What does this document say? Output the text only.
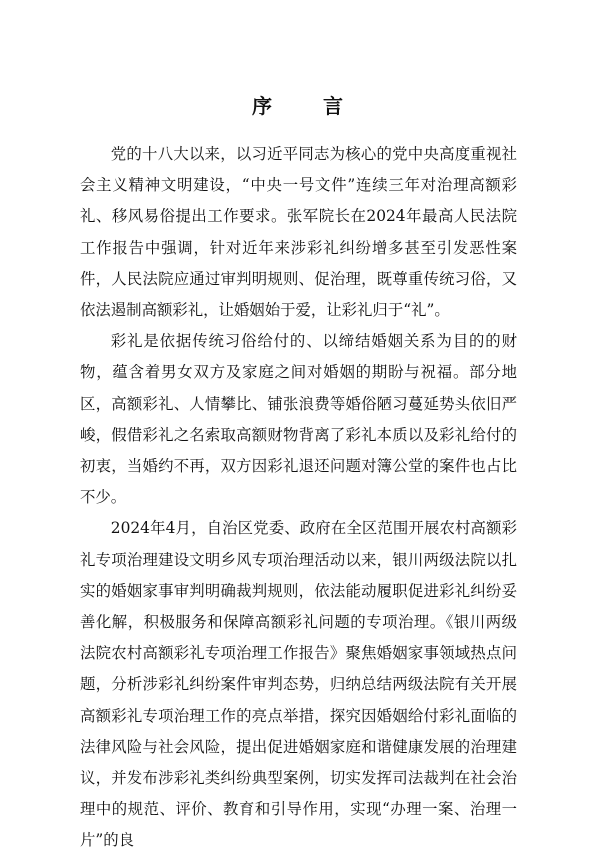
序 言

党的十八大以来，以习近平同志为核心的党中央高度重视社会主义精神文明建设，“中央一号文件”连续三年对治理高额彩礼、移风易俗提出工作要求。张军院长在2024年最高人民法院工作报告中强调，针对近年来涉彩礼纠纷增多甚至引发恶性案件，人民法院应通过审判明规则、促治理，既尊重传统习俗，又依法遏制高额彩礼，让婚姻始于爱，让彩礼归于“礼”。

彩礼是依据传统习俗给付的、以缔结婚姻关系为目的的财物，蕴含着男女双方及家庭之间对婚姻的期盼与祝福。部分地区，高额彩礼、人情攀比、铺张浪费等婚俗陋习蔓延势头依旧严峻，假借彩礼之名索取高额财物背离了彩礼本质以及彩礼给付的初衷，当婚约不再，双方因彩礼退还问题对簿公堂的案件也占比不少。

2024年4月，自治区党委、政府在全区范围开展农村高额彩礼专项治理建设文明乡风专项治理活动以来，银川两级法院以扎实的婚姻家事审判明确裁判规则，依法能动履职促进彩礼纠纷妥善化解，积极服务和保障高额彩礼问题的专项治理。《银川两级法院农村高额彩礼专项治理工作报告》聚焦婚姻家事领域热点问题，分析涉彩礼纠纷案件审判态势，归纳总结两级法院有关开展高额彩礼专项治理工作的亮点举措，探究因婚姻给付彩礼面临的法律风险与社会风险，提出促进婚姻家庭和谐健康发展的治理建议，并发布涉彩礼类纠纷典型案例，切实发挥司法裁判在社会治理中的规范、评价、教育和引导作用，实现“办理一案、治理一片”的良
